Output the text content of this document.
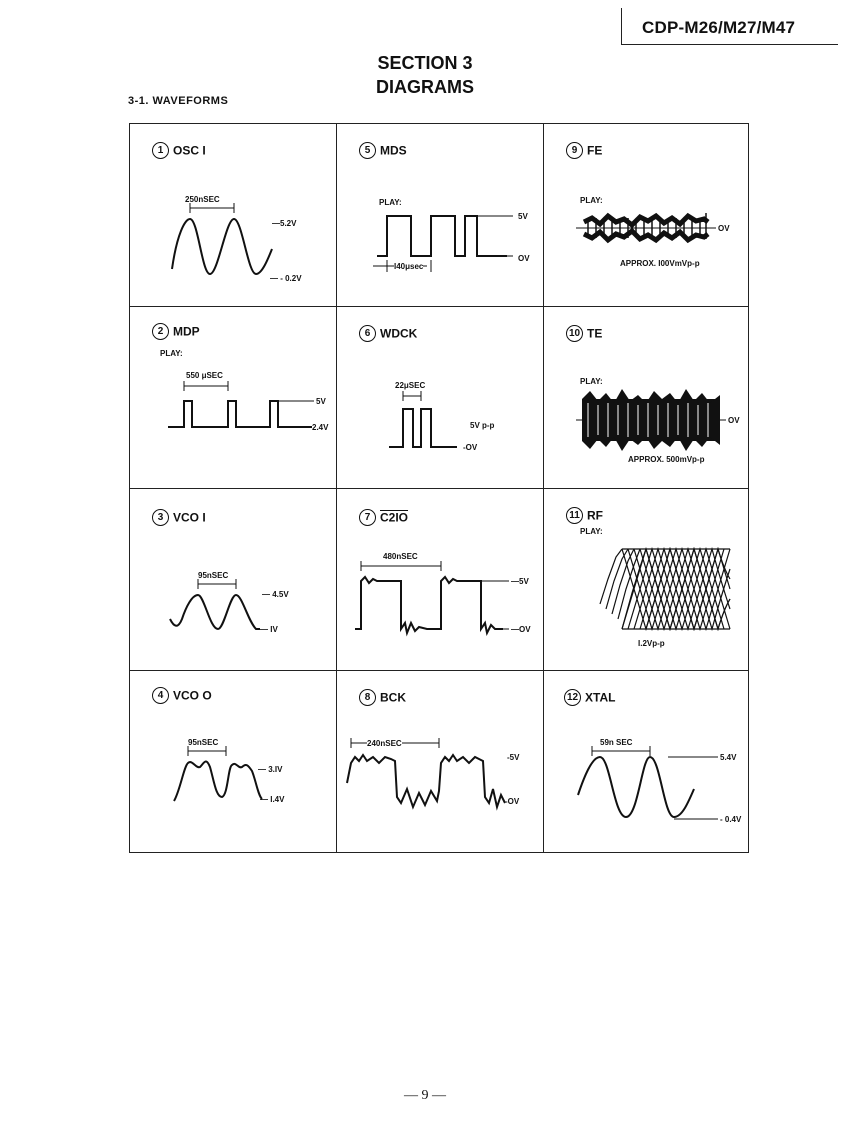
CDP-M26/M27/M47
SECTION 3
DIAGRAMS
3-1. WAVEFORMS
1 OSC I
250nSEC
—5.2V
— - 0.2V
5 MDS
PLAY:
5V
OV
I40μsec
9 FE
PLAY:
OV
APPROX. I00VmVp-p
2 MDP
PLAY:
550 μSEC
5V
2.4V
6 WDCK
22μSEC
5V p-p
-OV
10 TE
PLAY:
OV
APPROX. 500mVp-p
3 VCO I
95nSEC
— 4.5V
— IV
7 C2IO
480nSEC
—5V
—OV
11 RF
PLAY:
I.2Vp-p
4 VCO O
95nSEC
— 3.IV
— I.4V
8 BCK
240nSEC
-5V
-OV
12 XTAL
59n SEC
5.4V
- 0.4V
— 9 —
